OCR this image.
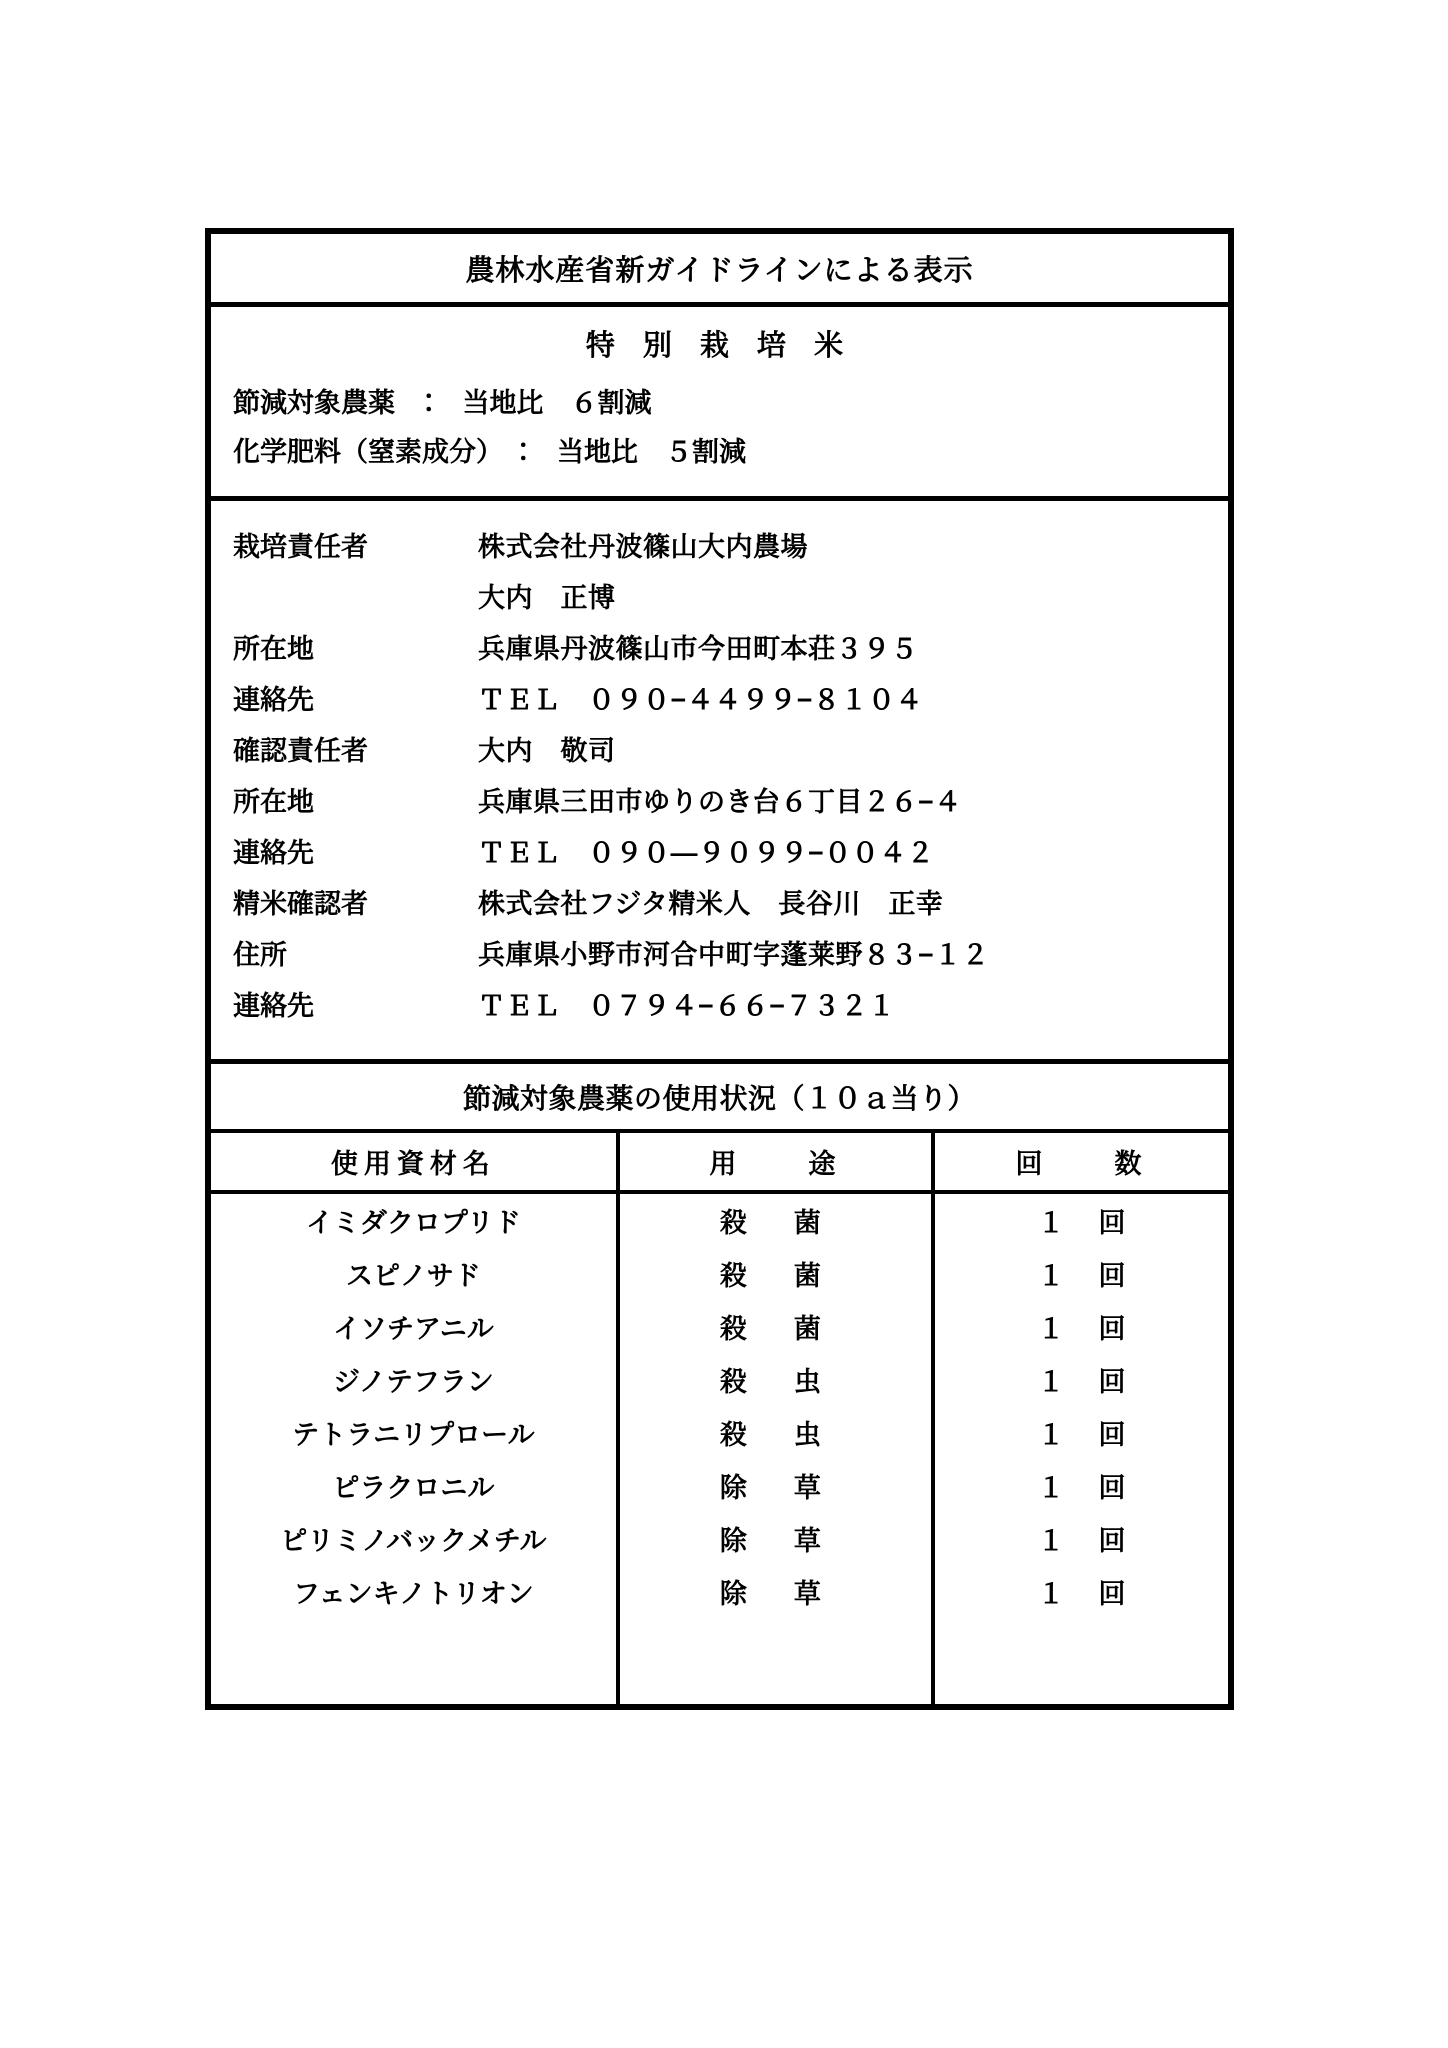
農林水産省新ガイドラインによる表示
特 別 栽 培 米
節減対象農薬　：　当地比　６割減
化学肥料（窒素成分）　：　当地比　５割減
栽培責任者	株式会社丹波篠山大内農場
大内　正博
所在地	兵庫県丹波篠山市今田町本荘３９５
連絡先	ＴＥＬ　０９０−４４９９−８１０４
確認責任者	大内　敬司
所在地	兵庫県三田市ゆりのき台６丁目２６−４
連絡先	ＴＥＬ　０９０—９０９９−００４２
精米確認者	株式会社フジタ精米人　長谷川　正幸
住所	兵庫県小野市河合中町字蓬莱野８３−１２
連絡先	ＴＥＬ　０７９４−６６−７３２１
節減対象農薬の使用状況（１０ａ当り）
使用資材名	用　　途	回　　数
イミダクロプリド	殺　菌	１ 回
スピノサド	殺　菌	１ 回
イソチアニル	殺　菌	１ 回
ジノテフラン	殺　虫	１ 回
テトラニリプロール	殺　虫	１ 回
ピラクロニル	除　草	１ 回
ピリミノバックメチル	除　草	１ 回
フェンキノトリオン	除　草	１ 回
